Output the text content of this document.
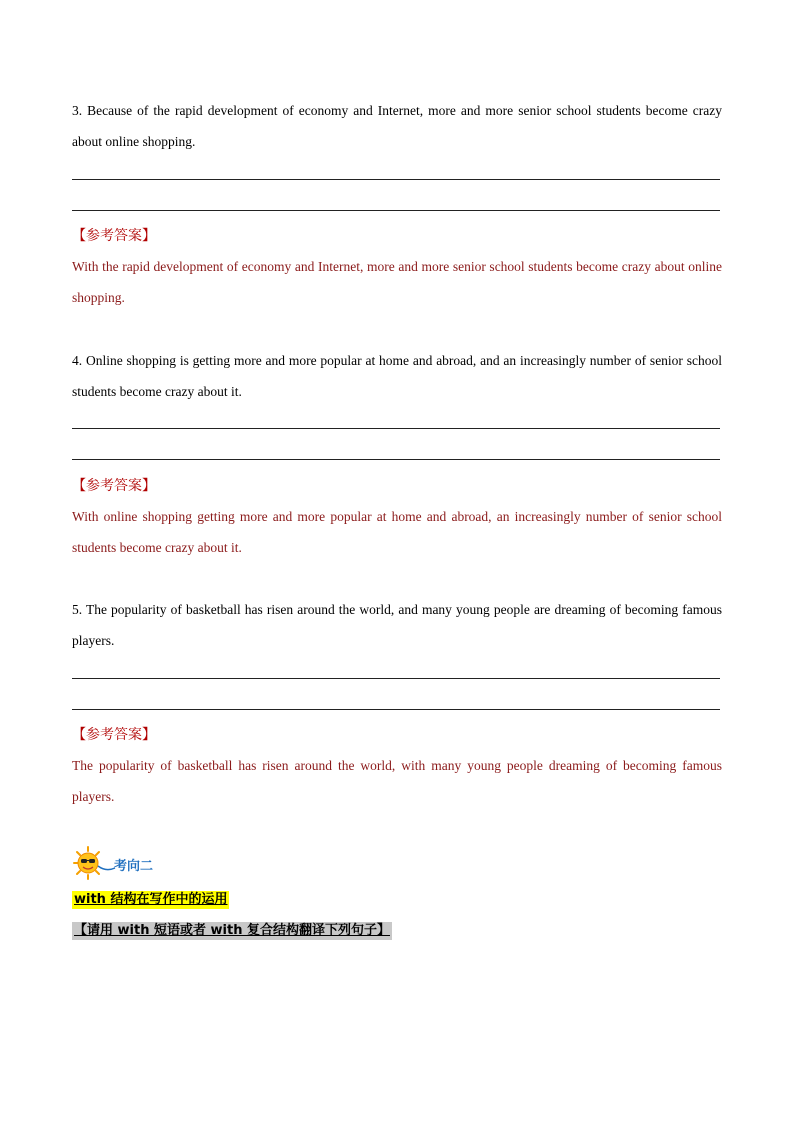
3. Because of the rapid development of economy and Internet, more and more senior school students become crazy about online shopping.
【参考答案】
With the rapid development of economy and Internet, more and more senior school students become crazy about online shopping.
4. Online shopping is getting more and more popular at home and abroad, and an increasingly number of senior school students become crazy about it.
【参考答案】
With online shopping getting more and more popular at home and abroad, an increasingly number of senior school students become crazy about it.
5. The popularity of basketball has risen around the world, and many young people are dreaming of becoming famous players.
【参考答案】
The popularity of basketball has risen around the world, with many young people dreaming of becoming famous players.
考向二
with 结构在写作中的运用
【请用 with 短语或者 with 复合结构翻译下列句子】
